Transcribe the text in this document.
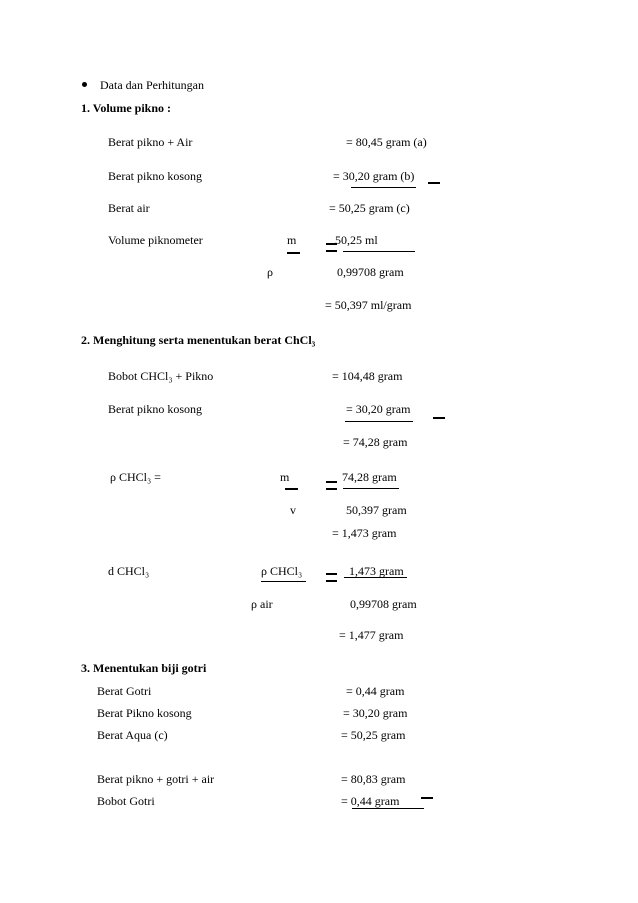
Data dan Perhitungan
1. Volume pikno :
Berat pikno + Air	= 80,45 gram (a)
Berat pikno kosong	= 30,20 gram (b)
Berat air	= 50,25 gram (c)
Volume piknometer	m	50,25 ml
ρ	0,99708 gram
= 50,397 ml/gram
2. Menghitung serta menentukan berat ChCl₃
Bobot CHCl₃ + Pikno	= 104,48 gram
Berat pikno kosong	= 30,20 gram
= 74,28 gram
ρ CHCl₃ =	m	74,28 gram
v	50,397 gram
= 1,473 gram
d CHCl₃	ρ CHCl₃	1,473 gram
ρ air	0,99708 gram
= 1,477 gram
3. Menentukan biji gotri
Berat Gotri	= 0,44 gram
Berat Pikno kosong	= 30,20 gram
Berat Aqua (c)	= 50,25 gram
Berat pikno + gotri + air	= 80,83 gram
Bobot Gotri	= 0,44 gram
